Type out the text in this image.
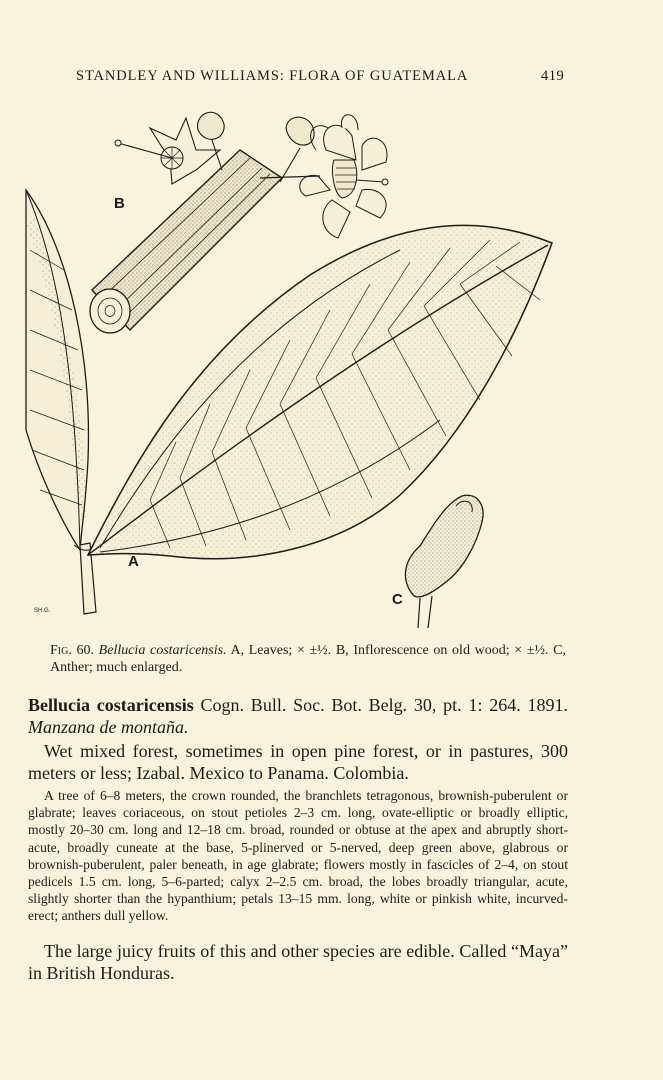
STANDLEY AND WILLIAMS: FLORA OF GUATEMALA	419
B
A
C
SH.G.
Fig. 60. Bellucia costaricensis. A, Leaves; × ±½. B, Inflorescence on old wood; × ±½. C, Anther; much enlarged.
Bellucia costaricensis Cogn. Bull. Soc. Bot. Belg. 30, pt. 1: 264. 1891. Manzana de montaña.
Wet mixed forest, sometimes in open pine forest, or in pastures, 300 meters or less; Izabal. Mexico to Panama. Colombia.
A tree of 6–8 meters, the crown rounded, the branchlets tetragonous, brownish-puberulent or glabrate; leaves coriaceous, on stout petioles 2–3 cm. long, ovate-elliptic or broadly elliptic, mostly 20–30 cm. long and 12–18 cm. broad, rounded or obtuse at the apex and abruptly short-acute, broadly cuneate at the base, 5-plinerved or 5-nerved, deep green above, glabrous or brownish-puberulent, paler beneath, in age glabrate; flowers mostly in fascicles of 2–4, on stout pedicels 1.5 cm. long, 5–6-parted; calyx 2–2.5 cm. broad, the lobes broadly triangular, acute, slightly shorter than the hypanthium; petals 13–15 mm. long, white or pinkish white, incurved-erect; anthers dull yellow.
The large juicy fruits of this and other species are edible. Called “Maya” in British Honduras.
